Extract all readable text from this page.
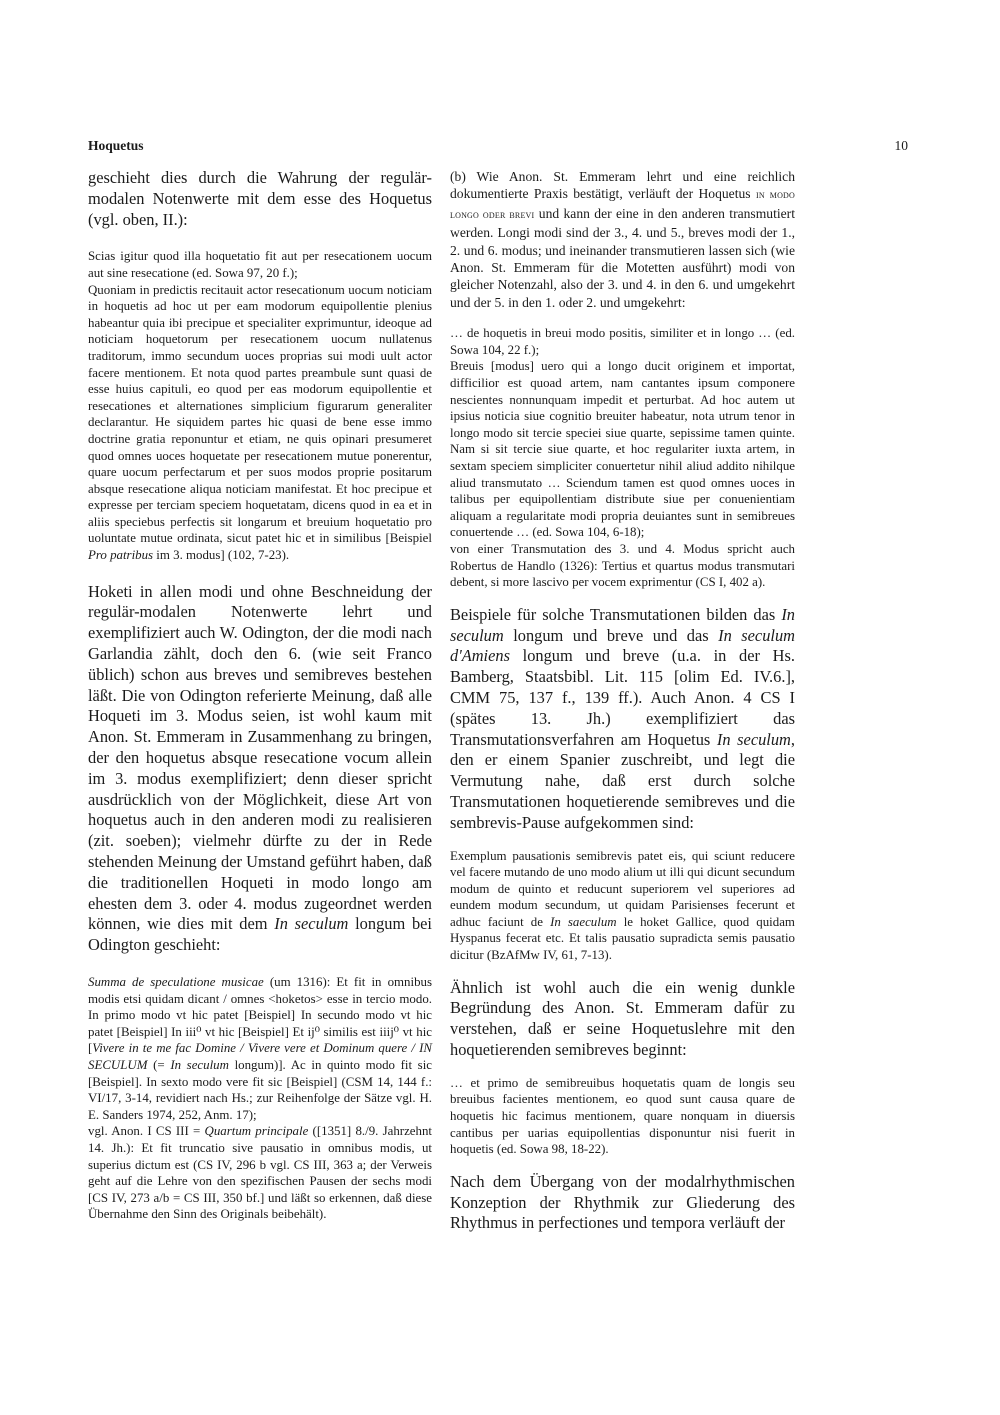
Hoquetus	10

geschieht dies durch die Wahrung der regulär-modalen Notenwerte mit dem esse des Hoquetus (vgl. oben, II.):

Scias igitur quod illa hoquetatio fit aut per resecationem uocum aut sine resecatione (ed. Sowa 97, 20 f.);

Quoniam in predictis recitauit actor resecationum uocum noticiam in hoquetis ad hoc ut per eam modorum equipollentie plenius habeantur quia ibi precipue et specialiter exprimuntur, ideoque ad noticiam hoquetorum per resecationem uocum nullatenus traditorum, immo secundum uoces proprias sui modi uult actor facere mentionem. Et nota quod partes preambule sunt quasi de esse huius capituli, eo quod per eas modorum equipollentie et resecationes et alternationes simplicium figurarum generaliter declarantur. He siquidem partes hic quasi de bene esse immo doctrine gratia reponuntur et etiam, ne quis opinari presumeret quod omnes uoces hoquetate per resecationem mutue ponerentur, quare uocum perfectarum et per suos modos proprie positarum absque resecatione aliqua noticiam manifestat. Et hoc precipue et expresse per terciam speciem hoquetatam, dicens quod in ea et in aliis speciebus perfectis sit longarum et breuium hoquetatio pro uoluntate mutue ordinata, sicut patet hic et in similibus [Beispiel Pro patribus im 3. modus] (102, 7-23).

Hoketi in allen modi und ohne Beschneidung der regulär-modalen Notenwerte lehrt und exemplifiziert auch W. Odington, der die modi nach Garlandia zählt, doch den 6. (wie seit Franco üblich) schon aus breves und semibreves bestehen läßt. Die von Odington referierte Meinung, daß alle Hoqueti im 3. Modus seien, ist wohl kaum mit Anon. St. Emmeram in Zusammenhang zu bringen, der den hoquetus absque resecatione vocum allein im 3. modus exemplifiziert; denn dieser spricht ausdrücklich von der Möglichkeit, diese Art von hoquetus auch in den anderen modi zu realisieren (zit. soeben); vielmehr dürfte zu der in Rede stehenden Meinung der Umstand geführt haben, daß die traditionellen Hoqueti in modo longo am ehesten dem 3. oder 4. modus zugeordnet werden können, wie dies mit dem In seculum longum bei Odington geschieht:

Summa de speculatione musicae (um 1316): Et fit in omnibus modis etsi quidam dicant / omnes <hoketos> esse in tercio modo. In primo modo vt hic patet [Beispiel] In secundo modo vt hic patet [Beispiel] In iii⁰ vt hic [Beispiel] Et ij⁰ similis est iiij⁰ vt hic [Vivere in te me fac Domine / Vivere vere et Dominum quere / IN SECULUM (= In seculum longum)]. Ac in quinto modo fit sic [Beispiel]. In sexto modo vere fit sic [Beispiel] (CSM 14, 144 f.: VI/17, 3-14, revidiert nach Hs.; zur Reihenfolge der Sätze vgl. H. E. Sanders 1974, 252, Anm. 17);

vgl. Anon. I CS III = Quartum principale ([1351] 8./9. Jahrzehnt 14. Jh.): Et fit truncatio sive pausatio in omnibus modis, ut superius dictum est (CS IV, 296 b vgl. CS III, 363 a; der Verweis geht auf die Lehre von den spezifischen Pausen der sechs modi [CS IV, 273 a/b = CS III, 350 bf.] und läßt so erkennen, daß diese Übernahme den Sinn des Originals beibehält).

(b) Wie Anon. St. Emmeram lehrt und eine reichlich dokumentierte Praxis bestätigt, verläuft der Hoquetus in modo longo oder brevi und kann der eine in den anderen transmutiert werden. Longi modi sind der 3., 4. und 5., breves modi der 1., 2. und 6. modus; und ineinander transmutieren lassen sich (wie Anon. St. Emmeram für die Motetten ausführt) modi von gleicher Notenzahl, also der 3. und 4. in den 6. und umgekehrt und der 5. in den 1. oder 2. und umgekehrt:

… de hoquetis in breui modo positis, similiter et in longo … (ed. Sowa 104, 22 f.);

Breuis [modus] uero qui a longo ducit originem et importat, difficilior est quoad artem, nam cantantes ipsum componere nescientes nonnunquam impedit et perturbat. Ad hoc autem ut ipsius noticia siue cognitio breuiter habeatur, nota utrum tenor in longo modo sit tercie speciei siue quarte, sepissime tamen quinte. Nam si sit tercie siue quarte, et hoc regulariter iuxta artem, in sextam speciem simpliciter conuertetur nihil aliud addito nihilque aliud transmutato … Sciendum tamen est quod omnes uoces in talibus per equipollentiam distribute siue per conuenientiam aliquam a regularitate modi propria deuiantes sunt in semibreues conuertende … (ed. Sowa 104, 6-18);

von einer Transmutation des 3. und 4. Modus spricht auch Robertus de Handlo (1326): Tertius et quartus modus transmutari debent, si more lascivo per vocem exprimentur (CS I, 402 a).

Beispiele für solche Transmutationen bilden das In seculum longum und breve und das In seculum d'Amiens longum und breve (u.a. in der Hs. Bamberg, Staatsbibl. Lit. 115 [olim Ed. IV.6.], CMM 75, 137 f., 139 ff.). Auch Anon. 4 CS I (spätes 13. Jh.) exemplifiziert das Transmutationsverfahren am Hoquetus In seculum, den er einem Spanier zuschreibt, und legt die Vermutung nahe, daß erst durch solche Transmutationen hoquetierende semibreves und die sembrevis-Pause aufgekommen sind:

Exemplum pausationis semibrevis patet eis, qui sciunt reducere vel facere mutando de uno modo alium ut illi qui dicunt secundum modum de quinto et reducunt superiorem vel superiores ad eundem modum secundum, ut quidam Parisienses fecerunt et adhuc faciunt de In saeculum le hoket Gallice, quod quidam Hyspanus fecerat etc. Et talis pausatio supradicta semis pausatio dicitur (BzAfMw IV, 61, 7-13).

Ähnlich ist wohl auch die ein wenig dunkle Begründung des Anon. St. Emmeram dafür zu verstehen, daß er seine Hoquetuslehre mit den hoquetierenden semibreves beginnt:

… et primo de semibreuibus hoquetatis quam de longis seu breuibus facientes mentionem, eo quod sunt causa quare de hoquetis hic facimus mentionem, quare nonquam in diuersis cantibus per uarias equipollentias disponuntur nisi fuerit in hoquetis (ed. Sowa 98, 18-22).

Nach dem Übergang von der modalrhythmischen Konzeption der Rhythmik zur Gliederung des Rhythmus in perfectiones und tempora verläuft der
